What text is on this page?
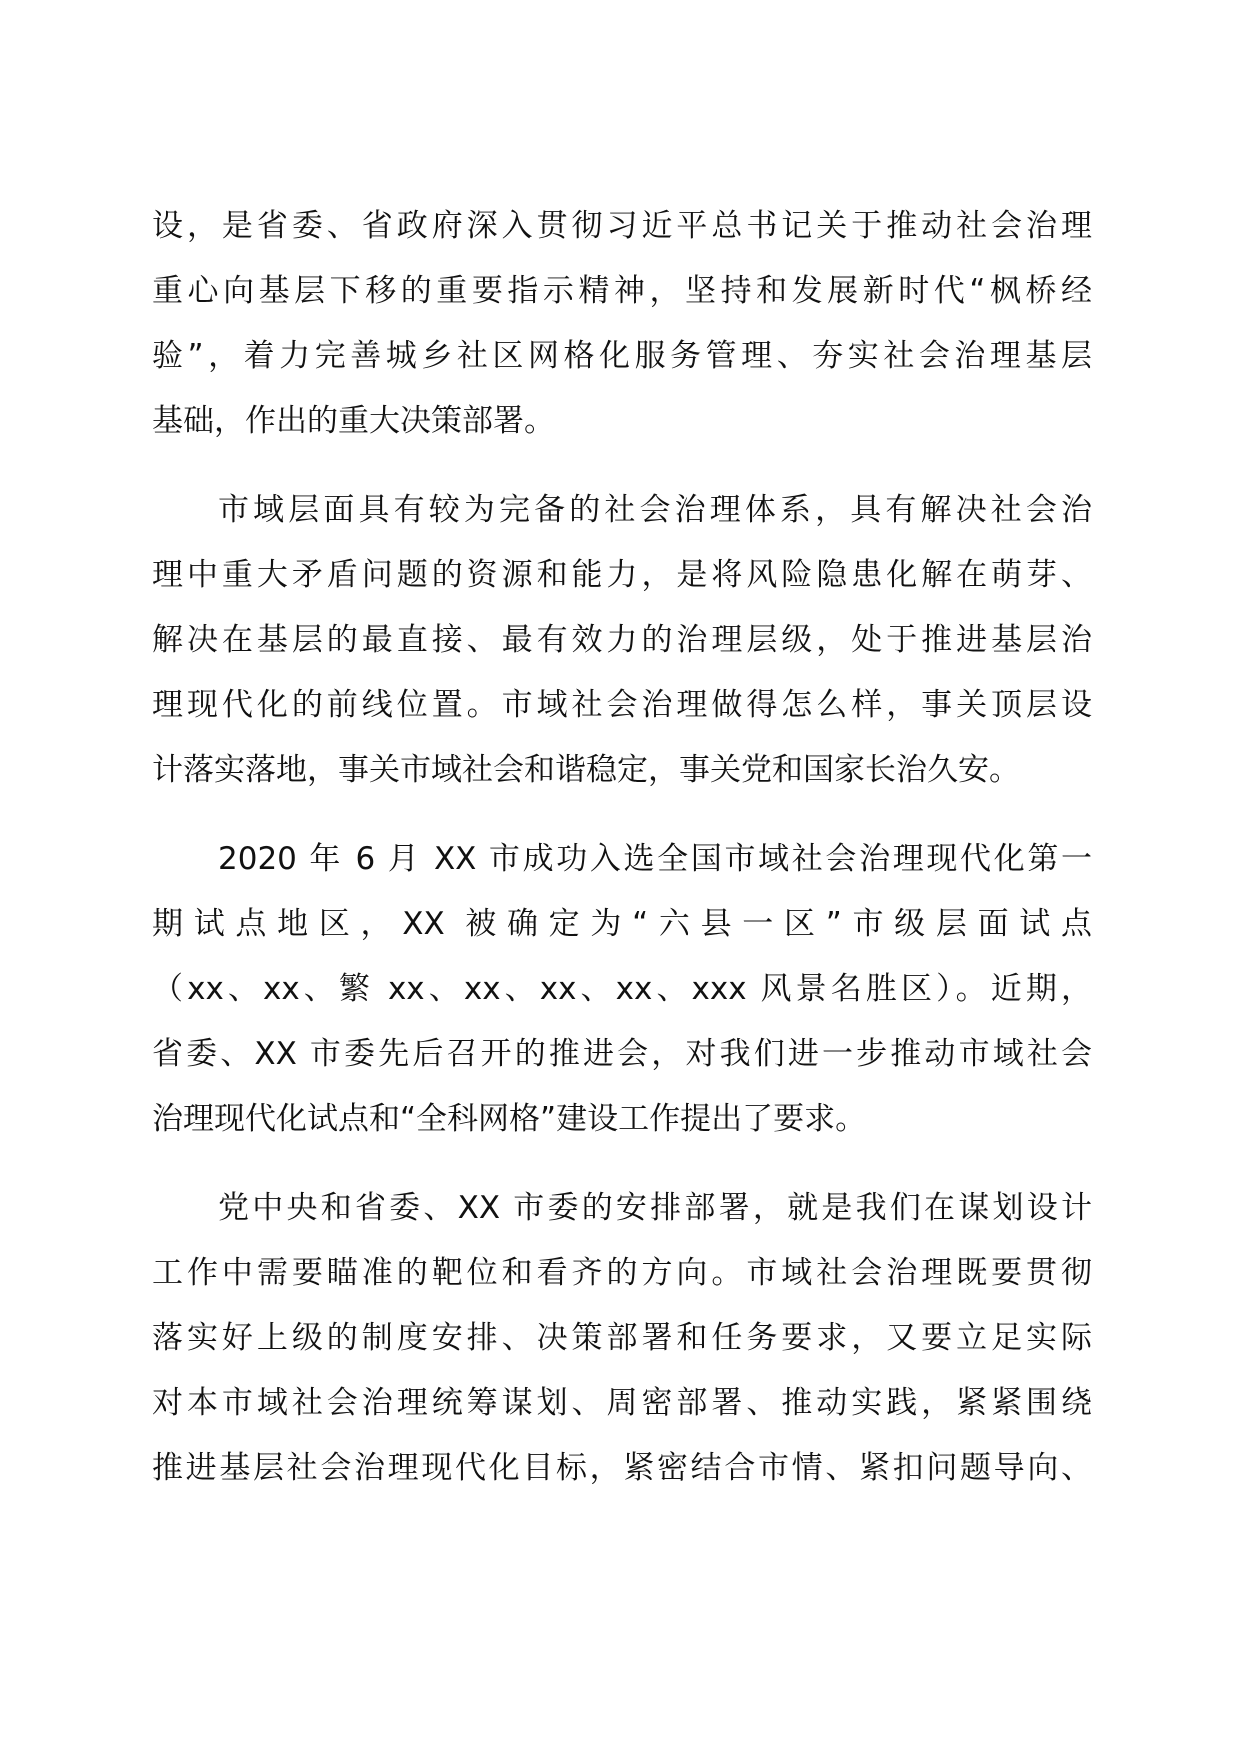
设，是省委、省政府深入贯彻习近平总书记关于推动社会治理
重心向基层下移的重要指示精神，坚持和发展新时代“枫桥经
验”，着力完善城乡社区网格化服务管理、夯实社会治理基层
基础，作出的重大决策部署。
市域层面具有较为完备的社会治理体系，具有解决社会治
理中重大矛盾问题的资源和能力，是将风险隐患化解在萌芽、
解决在基层的最直接、最有效力的治理层级，处于推进基层治
理现代化的前线位置。市域社会治理做得怎么样，事关顶层设
计落实落地，事关市域社会和谐稳定，事关党和国家长治久安。
2020 年 6 月 XX 市成功入选全国市域社会治理现代化第一
期试点地区，XX 被确定为“六县一区”市级层面试点
（xx、xx、繁 xx、xx、xx、xx、xxx 风景名胜区）。近期，
省委、XX 市委先后召开的推进会，对我们进一步推动市域社会
治理现代化试点和“全科网格”建设工作提出了要求。
党中央和省委、XX 市委的安排部署，就是我们在谋划设计
工作中需要瞄准的靶位和看齐的方向。市域社会治理既要贯彻
落实好上级的制度安排、决策部署和任务要求，又要立足实际
对本市域社会治理统筹谋划、周密部署、推动实践，紧紧围绕
推进基层社会治理现代化目标，紧密结合市情、紧扣问题导向、
